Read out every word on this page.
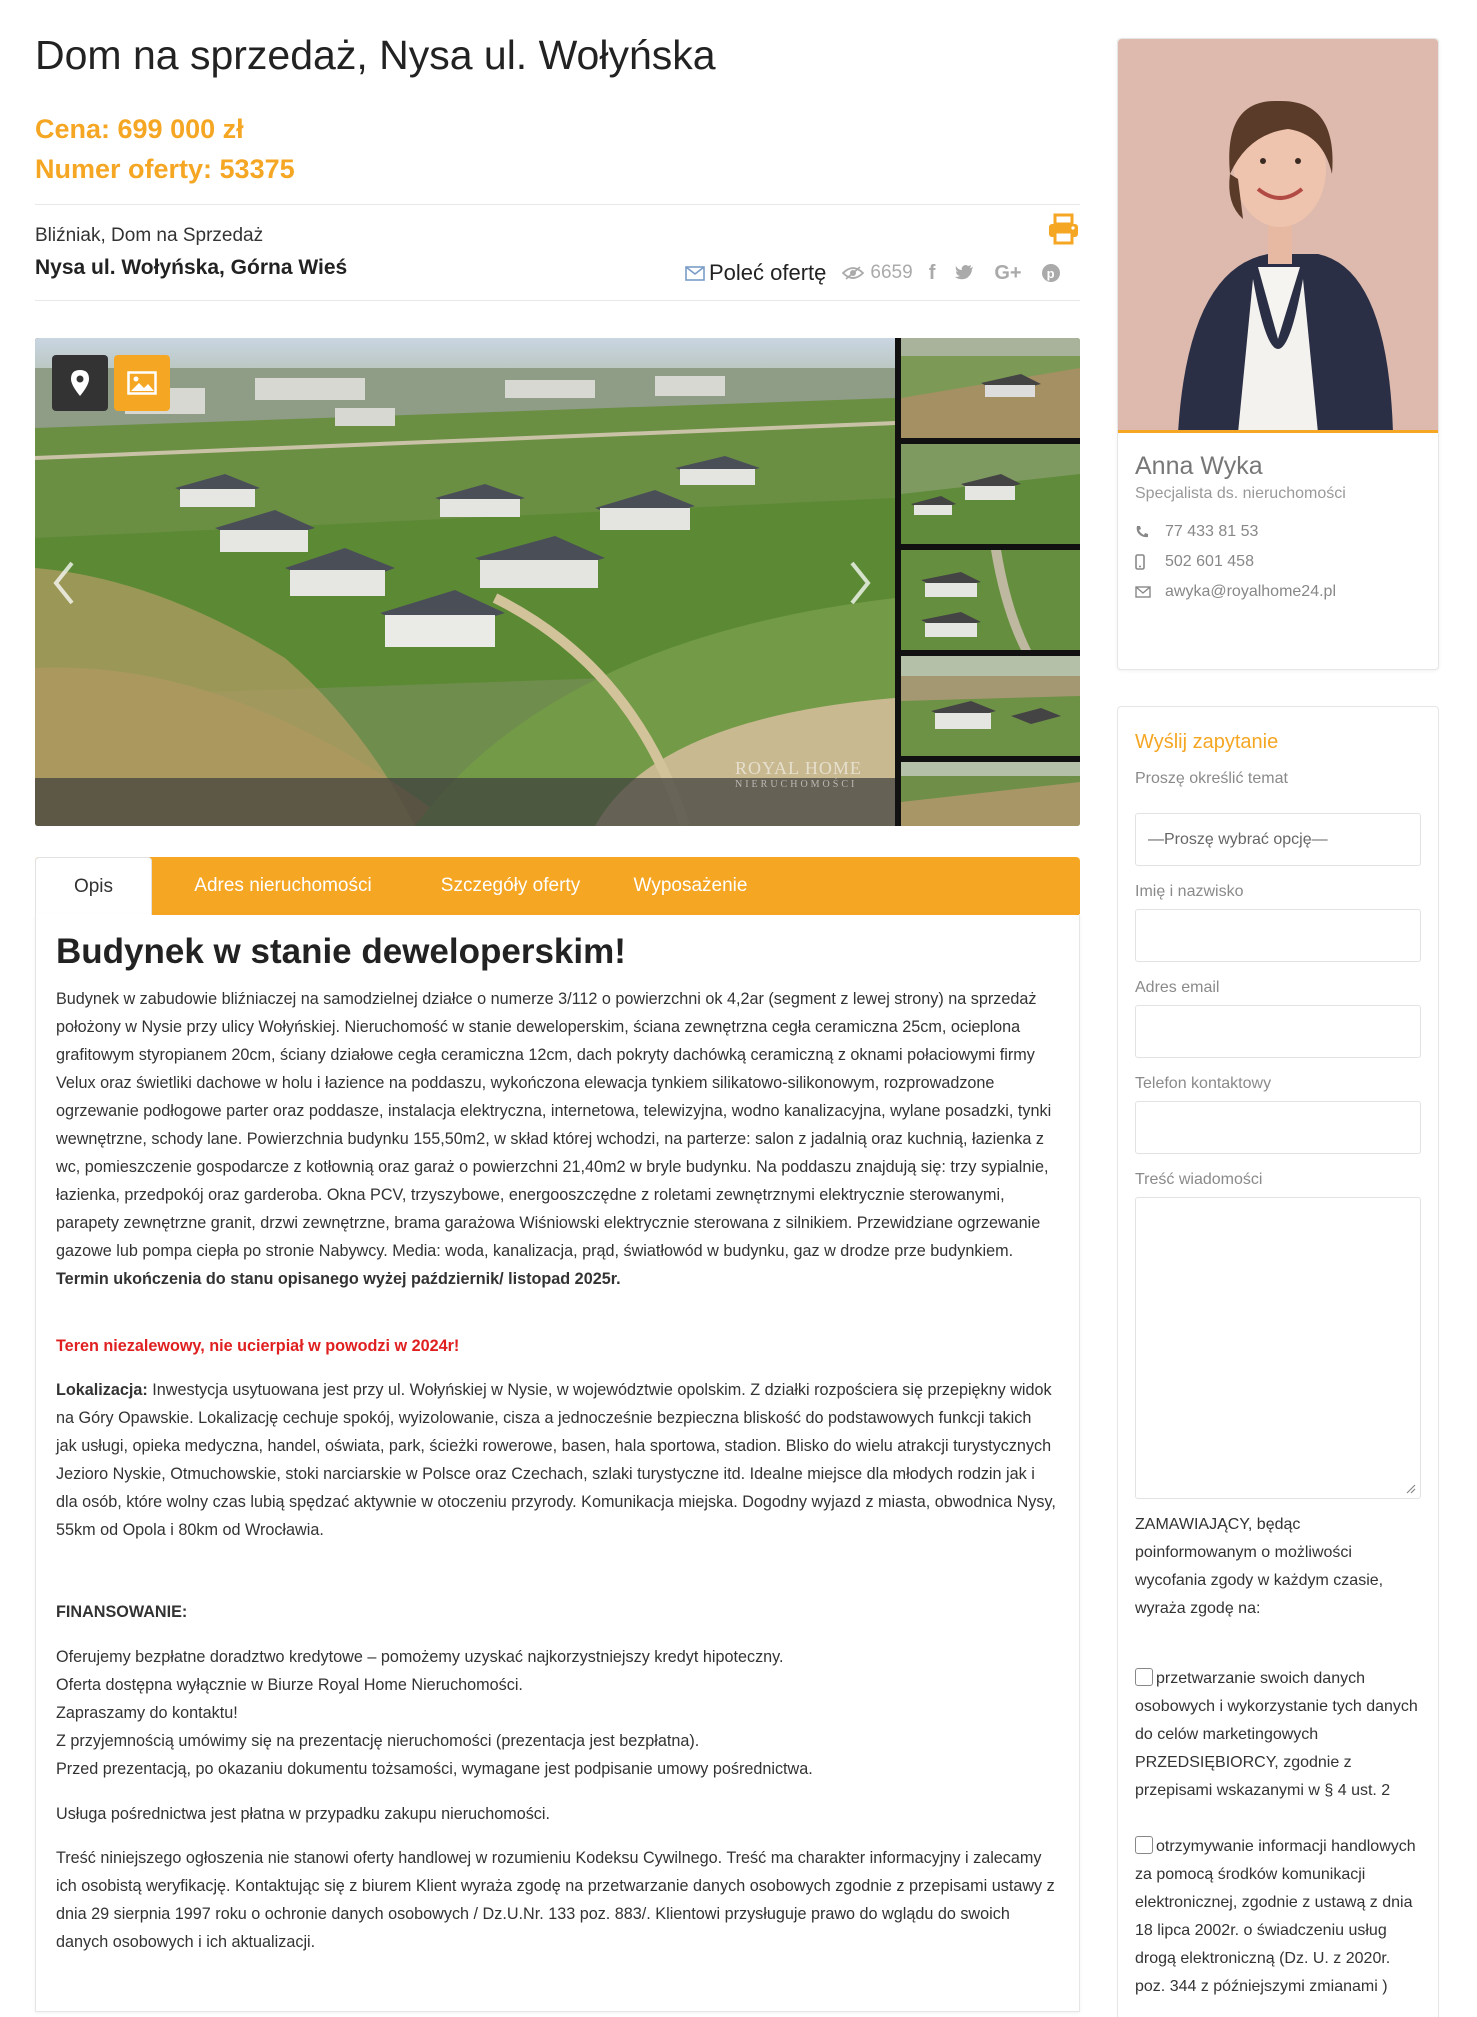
Dom na sprzedaż, Nysa ul. Wołyńska
Cena: 699 000 zł
Numer oferty: 53375
Bliźniak, Dom na Sprzedaż
Nysa ul. Wołyńska, Górna Wieś	Poleć ofertę 6659 f	G+	p
ROYAL HOME
NIERUCHOMOŚCI
Opis	Adres nieruchomości	Szczegóły oferty	Wyposażenie
Budynek w stanie deweloperskim!

Budynek w zabudowie bliźniaczej na samodzielnej działce o numerze 3/112 o powierzchni ok 4,2ar (segment z lewej strony) na sprzedaż położony w Nysie przy ulicy Wołyńskiej. Nieruchomość w stanie deweloperskim, ściana zewnętrzna cegła ceramiczna 25cm, ocieplona grafitowym styropianem 20cm, ściany działowe cegła ceramiczna 12cm, dach pokryty dachówką ceramiczną z oknami połaciowymi firmy Velux oraz świetliki dachowe w holu i łazience na poddaszu, wykończona elewacja tynkiem silikatowo-silikonowym, rozprowadzone ogrzewanie podłogowe parter oraz poddasze, instalacja elektryczna, internetowa, telewizyjna, wodno kanalizacyjna, wylane posadzki, tynki wewnętrzne, schody lane. Powierzchnia budynku 155,50m2, w skład której wchodzi, na parterze: salon z jadalnią oraz kuchnią, łazienka z wc, pomieszczenie gospodarcze z kotłownią oraz garaż o powierzchni 21,40m2 w bryle budynku. Na poddaszu znajdują się: trzy sypialnie, łazienka, przedpokój oraz garderoba. Okna PCV, trzyszybowe, energooszczędne z roletami zewnętrznymi elektrycznie sterowanymi, parapety zewnętrzne granit, drzwi zewnętrzne, brama garażowa Wiśniowski elektrycznie sterowana z silnikiem. Przewidziane ogrzewanie gazowe lub pompa ciepła po stronie Nabywcy. Media: woda, kanalizacja, prąd, światłowód w budynku, gaz w drodze prze budynkiem. Termin ukończenia do stanu opisanego wyżej październik/ listopad 2025r.

Teren niezalewowy, nie ucierpiał w powodzi w 2024r!

Lokalizacja: Inwestycja usytuowana jest przy ul. Wołyńskiej w Nysie, w województwie opolskim. Z działki rozpościera się przepiękny widok na Góry Opawskie. Lokalizację cechuje spokój, wyizolowanie, cisza a jednocześnie bezpieczna bliskość do podstawowych funkcji takich jak usługi, opieka medyczna, handel, oświata, park, ścieżki rowerowe, basen, hala sportowa, stadion. Blisko do wielu atrakcji turystycznych Jezioro Nyskie, Otmuchowskie, stoki narciarskie w Polsce oraz Czechach, szlaki turystyczne itd. Idealne miejsce dla młodych rodzin jak i dla osób, które wolny czas lubią spędzać aktywnie w otoczeniu przyrody. Komunikacja miejska. Dogodny wyjazd z miasta, obwodnica Nysy, 55km od Opola i 80km od Wrocławia.

FINANSOWANIE:

Oferujemy bezpłatne doradztwo kredytowe – pomożemy uzyskać najkorzystniejszy kredyt hipoteczny.
Oferta dostępna wyłącznie w Biurze Royal Home Nieruchomości.
Zapraszamy do kontaktu!
Z przyjemnością umówimy się na prezentację nieruchomości (prezentacja jest bezpłatna).
Przed prezentacją, po okazaniu dokumentu tożsamości, wymagane jest podpisanie umowy pośrednictwa.

Usługa pośrednictwa jest płatna w przypadku zakupu nieruchomości.

Treść niniejszego ogłoszenia nie stanowi oferty handlowej w rozumieniu Kodeksu Cywilnego. Treść ma charakter informacyjny i zalecamy ich osobistą weryfikację. Kontaktując się z biurem Klient wyraża zgodę na przetwarzanie danych osobowych zgodnie z przepisami ustawy z dnia 29 sierpnia 1997 roku o ochronie danych osobowych / Dz.U.Nr. 133 poz. 883/. Klientowi przysługuje prawo do wglądu do swoich danych osobowych i ich aktualizacji.

Anna Wyka
Specjalista ds. nieruchomości
77 433 81 53
502 601 458
awyka@royalhome24.pl
Wyślij zapytanie
Proszę określić temat
—Proszę wybrać opcję—
Imię i nazwisko
Adres email
Telefon kontaktowy
Treść wiadomości
ZAMAWIAJĄCY, będąc poinformowanym o możliwości wycofania zgody w każdym czasie, wyraża zgodę na:
przetwarzanie swoich danych osobowych i wykorzystanie tych danych do celów marketingowych PRZEDSIĘBIORCY, zgodnie z przepisami wskazanymi w § 4 ust. 2
otrzymywanie informacji handlowych za pomocą środków komunikacji elektronicznej, zgodnie z ustawą z dnia 18 lipca 2002r. o świadczeniu usług drogą elektroniczną (Dz. U. z 2020r. poz. 344 z późniejszymi zmianami )
